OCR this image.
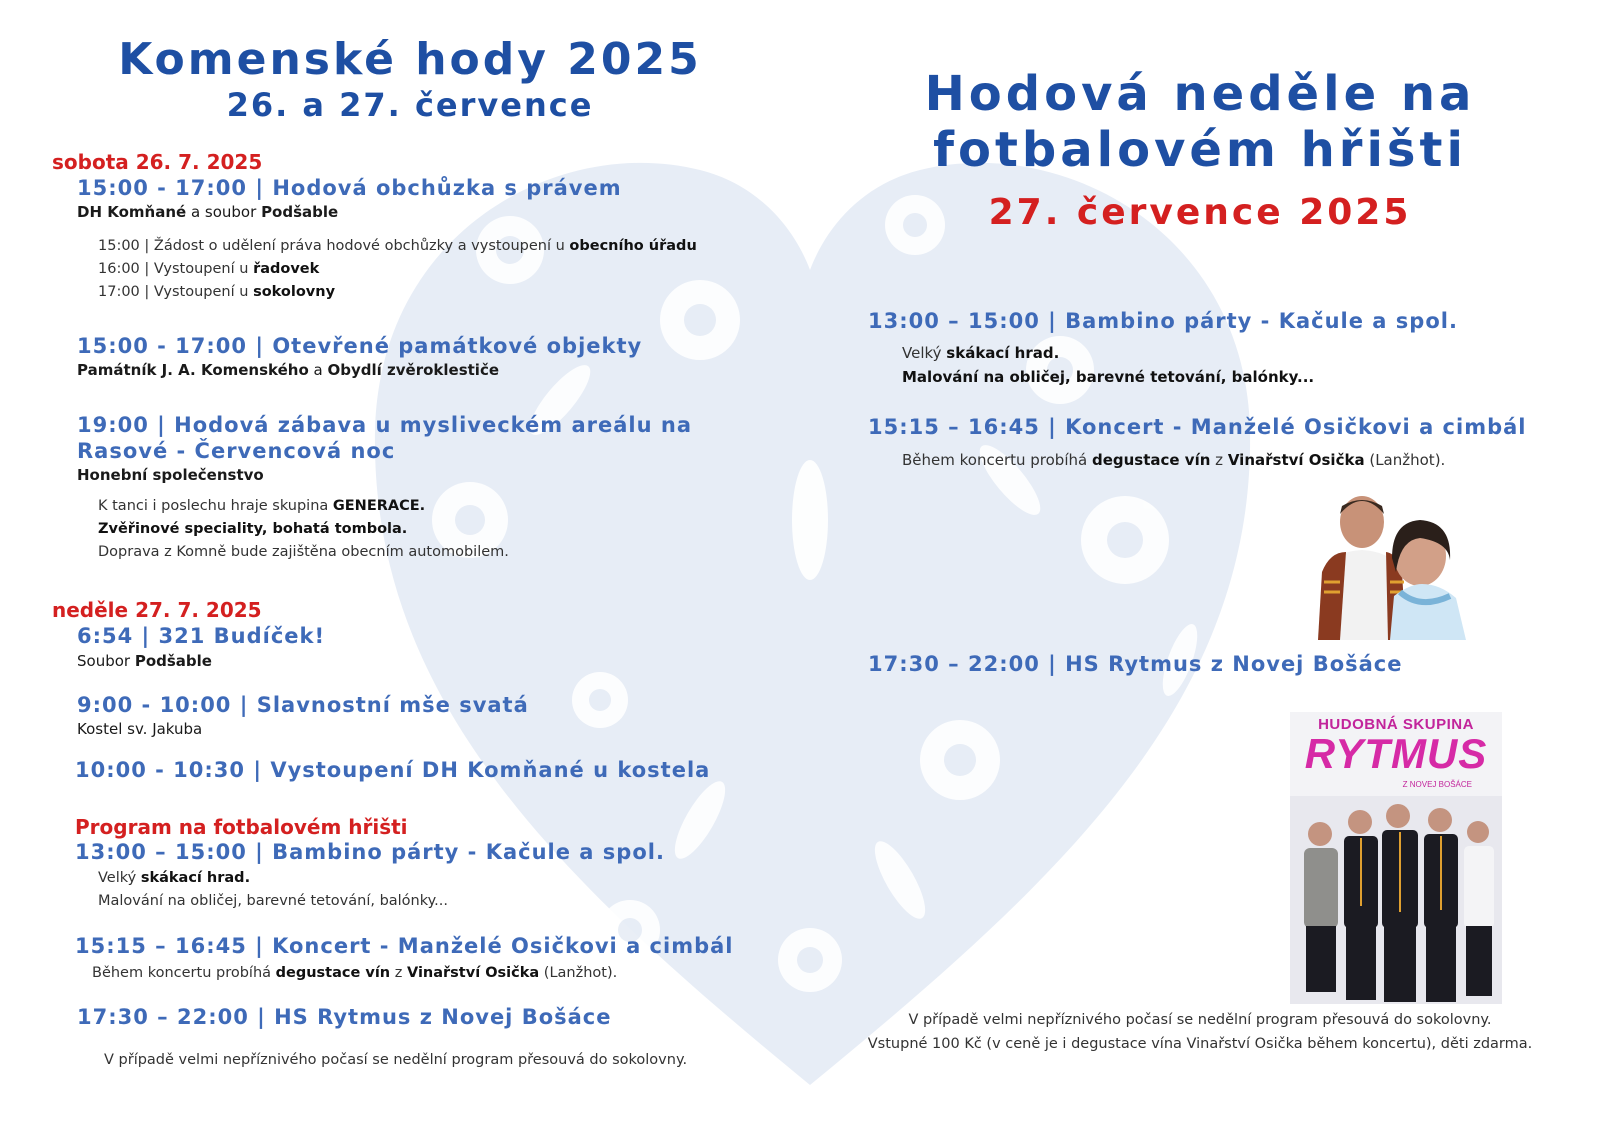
Komenské hody 2025
26. a 27. července
sobota 26. 7. 2025
15:00 - 17:00 | Hodová obchůzka s právem
DH Komňané a soubor Podšable
15:00 | Žádost o udělení práva hodové obchůzky a vystoupení u obecního úřadu
16:00 | Vystoupení u řadovek
17:00 | Vystoupení u sokolovny
15:00 - 17:00 | Otevřené památkové objekty
Památník J. A. Komenského a Obydlí zvěroklestiče
19:00 | Hodová zábava u mysliveckém areálu na
Rasové - Červencová noc
Honební společenstvo
K tanci i poslechu hraje skupina GENERACE.
Zvěřinové speciality, bohatá tombola.
Doprava z Komně bude zajištěna obecním automobilem.
neděle 27. 7. 2025
6:54 | 321 Budíček!
Soubor Podšable
9:00 - 10:00 | Slavnostní mše svatá
Kostel sv. Jakuba
10:00 - 10:30 | Vystoupení DH Komňané u kostela
Program na fotbalovém hřišti
13:00 – 15:00 | Bambino párty - Kačule a spol.
Velký skákací hrad.
Malování na obličej, barevné tetování, balónky...
15:15 – 16:45 | Koncert - Manželé Osičkovi a cimbál
Během koncertu probíhá degustace vín z Vinařství Osička (Lanžhot).
17:30 – 22:00 | HS Rytmus z Novej Bošáce
V případě velmi nepříznivého počasí se nedělní program přesouvá do sokolovny.
Hodová neděle na
fotbalovém hřišti
27. července 2025
13:00 – 15:00 | Bambino párty - Kačule a spol.
Velký skákací hrad.
Malování na obličej, barevné tetování, balónky...
15:15 – 16:45 | Koncert - Manželé Osičkovi a cimbál
Během koncertu probíhá degustace vín z Vinařství Osička (Lanžhot).
17:30 – 22:00 | HS Rytmus z Novej Bošáce
HUDOBNÁ SKUPINA
RYTMUS
Z NOVEJ BOŠÁCE
V případě velmi nepříznivého počasí se nedělní program přesouvá do sokolovny.
Vstupné 100 Kč (v ceně je i degustace vína Vinařství Osička během koncertu), děti zdarma.
